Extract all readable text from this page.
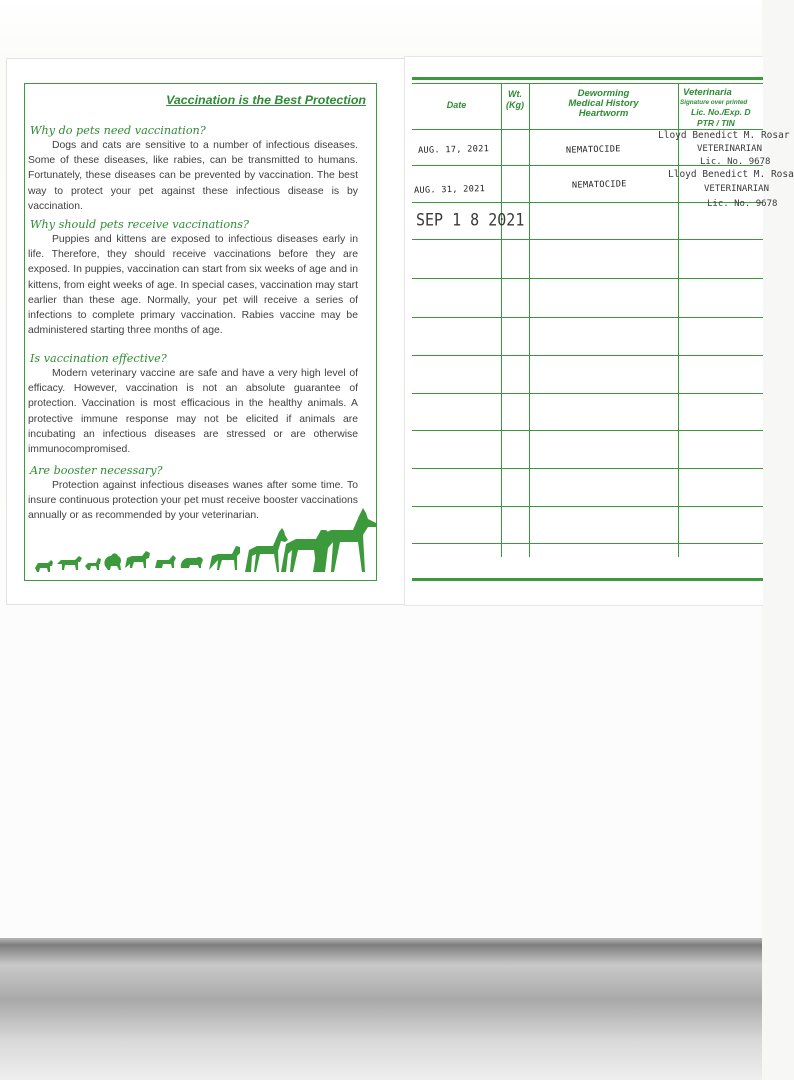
Vaccination is the Best Protection
Why do pets need vaccination?
Dogs and cats are sensitive to a number of infectious diseases. Some of these diseases, like rabies, can be transmitted to humans. Fortunately, these diseases can be prevented by vaccination. The best way to protect your pet against these infectious disease is by vaccination.
Why should pets receive vaccinations?
Puppies and kittens are exposed to infectious diseases early in life. Therefore, they should receive vaccinations before they are exposed. In puppies, vaccination can start from six weeks of age and in kittens, from eight weeks of age. In special cases, vaccination may start earlier than these age. Normally, your pet will receive a series of infections to complete primary vaccination. Rabies vaccine may be administered starting three months of age.
Is vaccination effective?
Modern veterinary vaccine are safe and have a very high level of efficacy. However, vaccination is not an absolute guarantee of protection. Vaccination is most efficacious in the healthy animals. A protective immune response may not be elicited if animals are incubating an infectious diseases are stressed or are otherwise immunocompromised.
Are booster necessary?
Protection against infectious diseases wanes after some time. To insure continuous protection your pet must receive booster vaccinations annually or as recommended by your veterinarian.
Date
Wt.
(Kg)
Deworming
Medical History
Heartworm
Veterinaria
Signature over printed
Lic. No./Exp. D
PTR / TIN
AUG. 17, 2021	NEMATOCIDE
Lloyd Benedict M. Rosar
VETERINARIAN
Lic. No. 9678
AUG. 31, 2021	NEMATOCIDE
Lloyd Benedict M. Rosa
VETERINARIAN
Lic. No. 9678
SEP 1 8 2021
